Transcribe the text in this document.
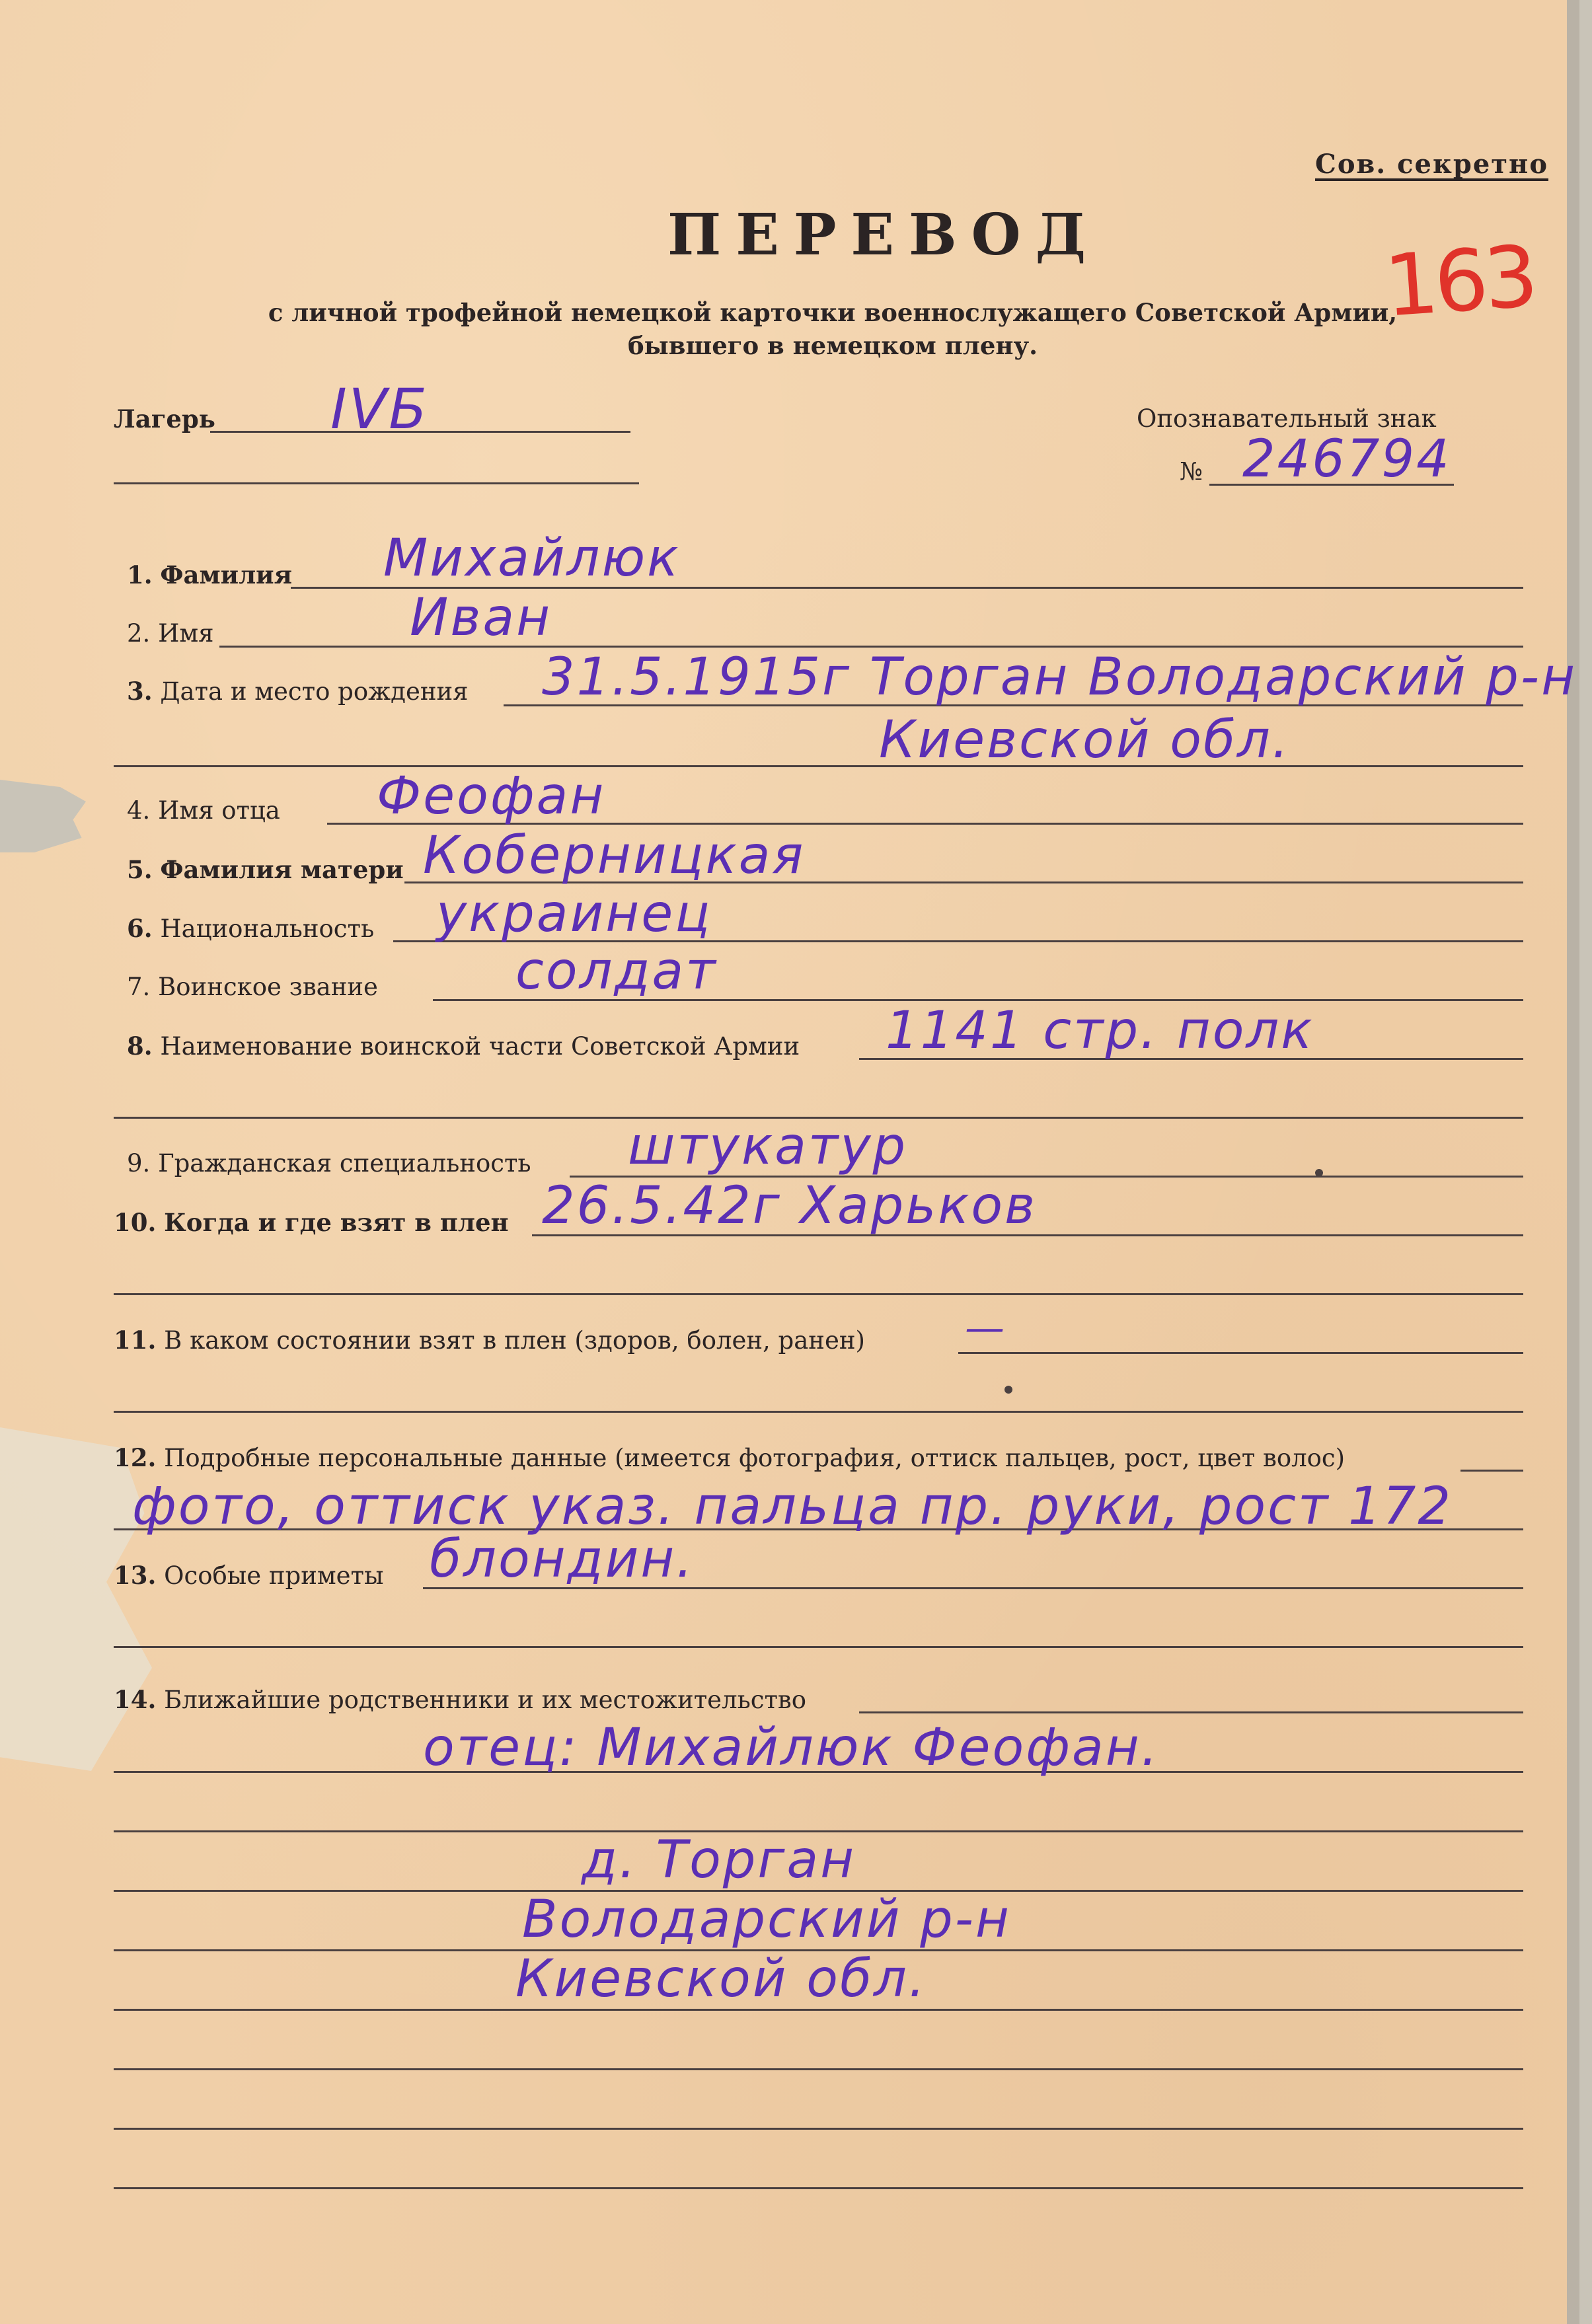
Сов. секретно
ПЕРЕВОД
с личной трофейной немецкой карточки военнослужащего Советской Армии,
бывшего в немецком плену.
163
Лагерь IVБ	Опознавательный знак
№ 246794
1. Фамилия Михайлюк
2. Имя	Иван
3. Дата и место рождения 31.5.1915г Торган Володарский р-н
Киевской обл.
4. Имя отца Феофан
5. Фамилия матери Коберницкая
6. Национальность украинец
7. Воинское звание	солдат
8. Наименование воинской части Советской Армии 1141 стр. полк
9. Гражданская специальность штукатур
10. Когда и где взят в плен 26.5.42г Харьков
11. В каком состоянии взят в плен (здоров, болен, ранен)	—
12. Подробные персональные данные (имеется фотография, оттиск пальцев, рост, цвет волос)
фото, оттиск указ. пальца пр. руки, рост 172
13. Особые приметы блондин.
14. Ближайшие родственники и их местожительство
отец: Михайлюк Феофан.
д. Торган
Володарский р-н
Киевской обл.
